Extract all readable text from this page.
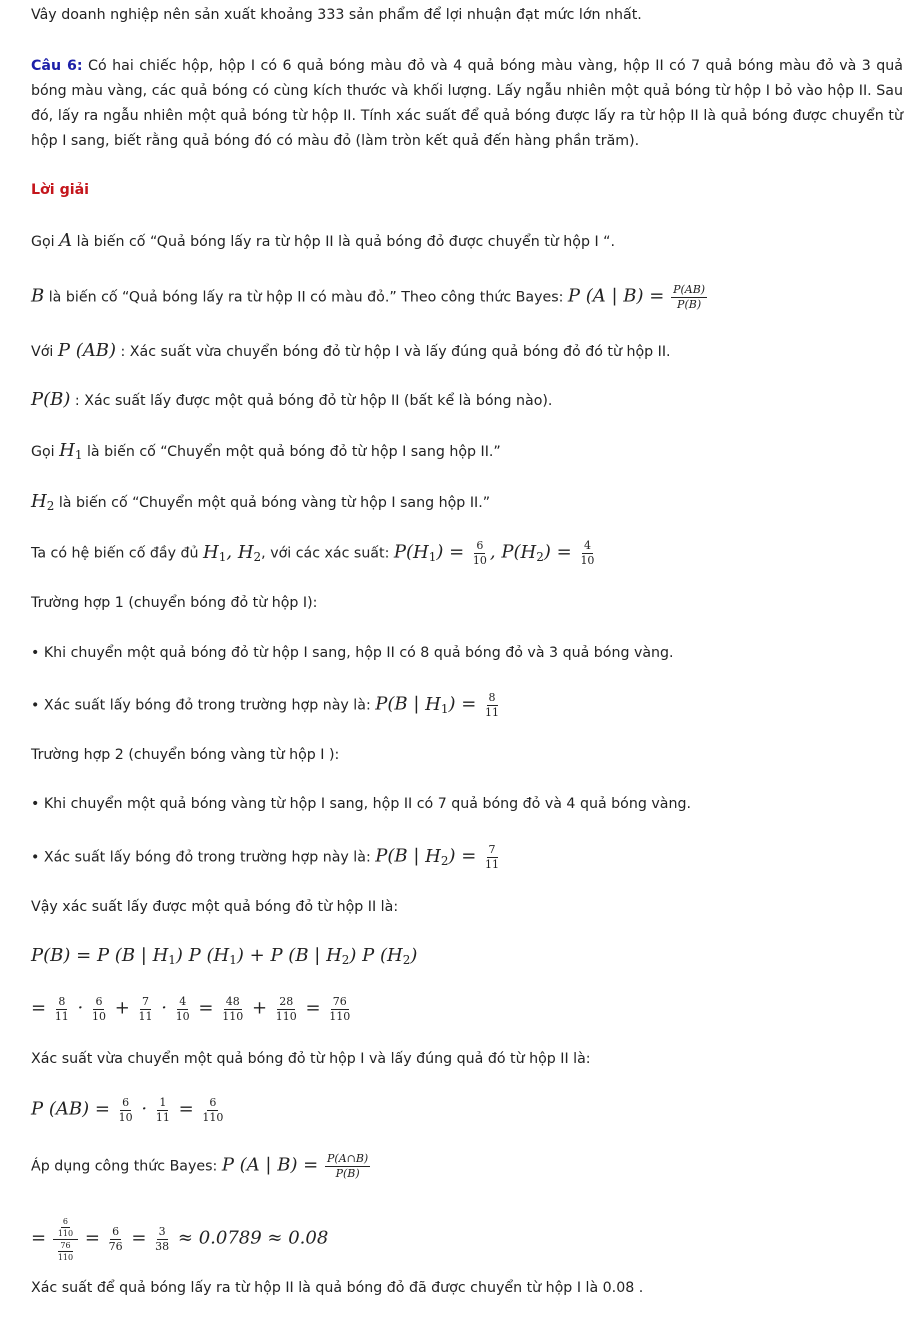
Vây doanh nghiệp nên sản xuất khoảng 333 sản phẩm để lợi nhuận đạt mức lớn nhất.
Câu 6: Có hai chiếc hộp, hộp I có 6 quả bóng màu đỏ và 4 quả bóng màu vàng, hộp II có 7 quả bóng màu đỏ và 3 quả bóng màu vàng, các quả bóng có cùng kích thước và khối lượng. Lấy ngẫu nhiên một quả bóng từ hộp I bỏ vào hộp II. Sau đó, lấy ra ngẫu nhiên một quả bóng từ hộp II. Tính xác suất để quả bóng được lấy ra từ hộp II là quả bóng được chuyển từ hộp I sang, biết rằng quả bóng đó có màu đỏ (làm tròn kết quả đến hàng phần trăm).
Lời giải
Gọi A là biến cố “Quả bóng lấy ra từ hộp II là quả bóng đỏ được chuyển từ hộp I “.
B là biến cố “Quả bóng lấy ra từ hộp II có màu đỏ.” Theo công thức Bayes: P (A | $B) = \frac{P(AB)}{P(B)}$
Với P (AB) : Xác suất vừa chuyển bóng đỏ từ hộp I và lấy đúng quả bóng đỏ đó từ hộp II.
P(B) : Xác suất lấy được một quả bóng đỏ từ hộp II (bất kể là bóng nào).
Gọi $H_1$ là biến cố “Chuyển một quả bóng đỏ từ hộp I sang hộp II.”
$H_2$ là biến cố “Chuyển một quả bóng vàng từ hộp I sang hộp II.”
Ta có hệ biến cố đầy đủ $H_1$, $H_2$, với các xác suất: $P(H_1) = \frac{6}{10}$ , $P(H_2) = \frac{4}{10}$
Trường hợp 1 (chuyển bóng đỏ từ hộp I):
• Khi chuyển một quả bóng đỏ từ hộp I sang, hộp II có 8 quả bóng đỏ và 3 quả bóng vàng.
• Xác suất lấy bóng đỏ trong trường hợp này là: P(B | $H_1) = \frac{8}{11}$
Trường hợp 2 (chuyển bóng vàng từ hộp I ):
• Khi chuyển một quả bóng vàng từ hộp I sang, hộp II có 7 quả bóng đỏ và 4 quả bóng vàng.
• Xác suất lấy bóng đỏ trong trường hợp này là: P(B | $H_2) = \frac{7}{11}$
Vậy xác suất lấy được một quả bóng đỏ từ hộp II là:
P(B) = P (B | $H_1$) P $(H_1) + P$ (B | $H_2$) P $(H_2)$
= $\frac{8}{11} \cdot \frac{6}{10} + \frac{7}{11} \cdot \frac{4}{10} = \frac{48}{110} + \frac{28}{110} = \frac{76}{110}$
Xác suất vừa chuyển một quả bóng đỏ từ hộp I và lấy đúng quả đó từ hộp II là:
P $(AB) = \frac{6}{10} \cdot \frac{1}{11} = \frac{6}{110}$
Áp dụng công thức Bayes: P (A | $B) = \frac{P(A\cap B)}{P(B)}$
= $\frac{\frac{6}{110}}{\frac{76}{110}} = \frac{6}{76} = \frac{3}{38} \approx 0.0789 \approx 0.08$
Xác suất để quả bóng lấy ra từ hộp II là quả bóng đỏ đã được chuyển từ hộp I là 0.08 .
